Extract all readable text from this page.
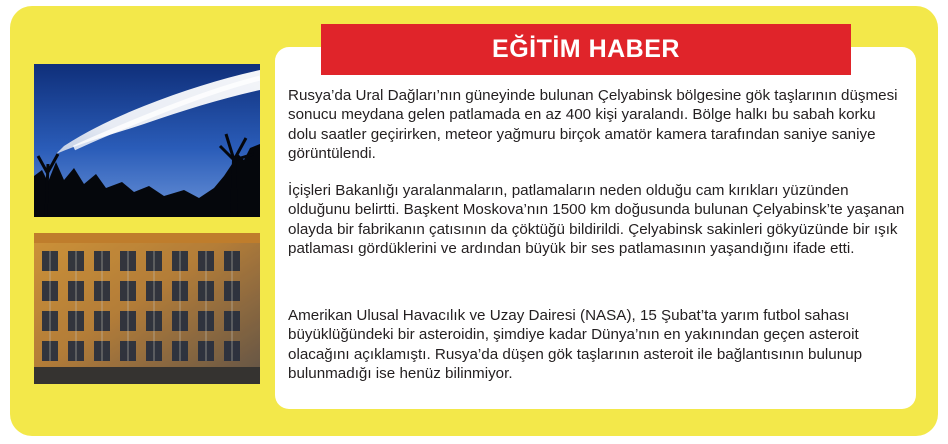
EĞİTİM HABER

Rusya’da Ural Dağları’nın güneyinde bulunan Çelyabinsk bölgesine gök taşlarının düşmesi sonucu meydana gelen patlamada en az 400 kişi yaralandı. Bölge halkı bu sabah korku dolu saatler geçirirken, meteor yağmuru birçok amatör kamera tarafından saniye saniye görüntülendi.

İçişleri Bakanlığı yaralanmaların, patlamaların neden olduğu cam kırıkları yüzünden olduğunu belirtti. Başkent Moskova’nın 1500 km doğusunda bulunan Çelyabinsk’te yaşanan olayda bir fabrikanın çatısının da çöktüğü bildirildi. Çelyabinsk sakinleri gökyüzünde bir ışık patlaması gördüklerini ve ardından büyük bir ses patlamasının yaşandığını ifade etti.

Amerikan Ulusal Havacılık ve Uzay Dairesi (NASA), 15 Şubat’ta yarım futbol sahası büyüklüğündeki bir asteroidin, şimdiye kadar Dünya’nın en yakınından geçen asteroit olacağını açıklamıştı. Rusya’da düşen gök taşlarının asteroit ile bağlantısının bulunup bulunmadığı ise henüz bilinmiyor.
